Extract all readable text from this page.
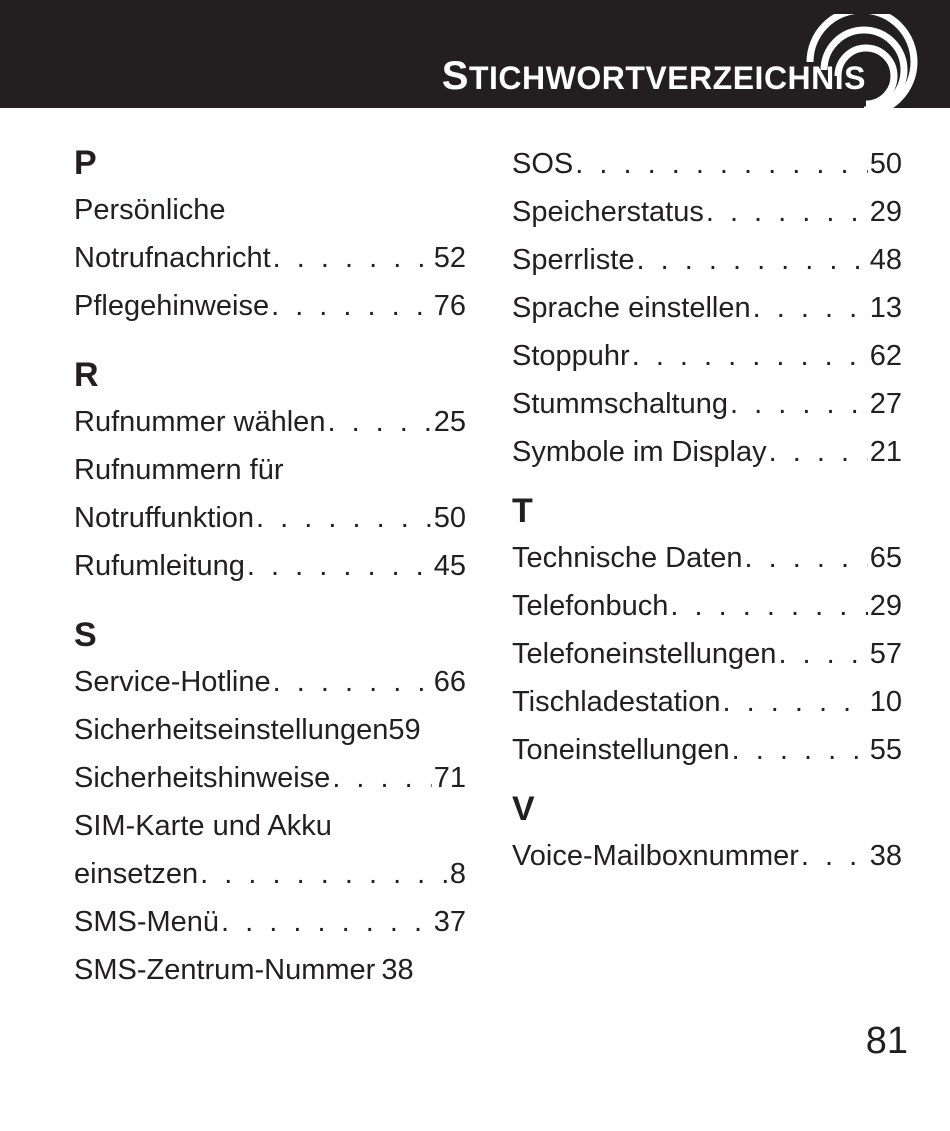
STICHWORTVERZEICHNIS
P
Persönliche
Notrufnachricht . . .	52
Pflegehinweise . . .	76
R
Rufnummer wählen . . .	25
Rufnummern für
Notruffunktion . . .	50
Rufumleitung . . .	45
S
Service-Hotline . . .	66
Sicherheitseinstellungen 59
Sicherheitshinweise . . .	71
SIM-Karte und Akku
einsetzen . . .	8
SMS-Menü . . .	37
SMS-Zentrum-Nummer 38
SOS . . .	50
Speicherstatus . . .	29
Sperrliste . . .	48
Sprache einstellen . . .	13
Stoppuhr . . .	62
Stummschaltung . . .	27
Symbole im Display . . .	21
T
Technische Daten . . .	65
Telefonbuch . . .	29
Telefoneinstellungen . . .	57
Tischladestation . . .	10
Toneinstellungen . . .	55
V
Voice-Mailboxnummer . . . 38
81
